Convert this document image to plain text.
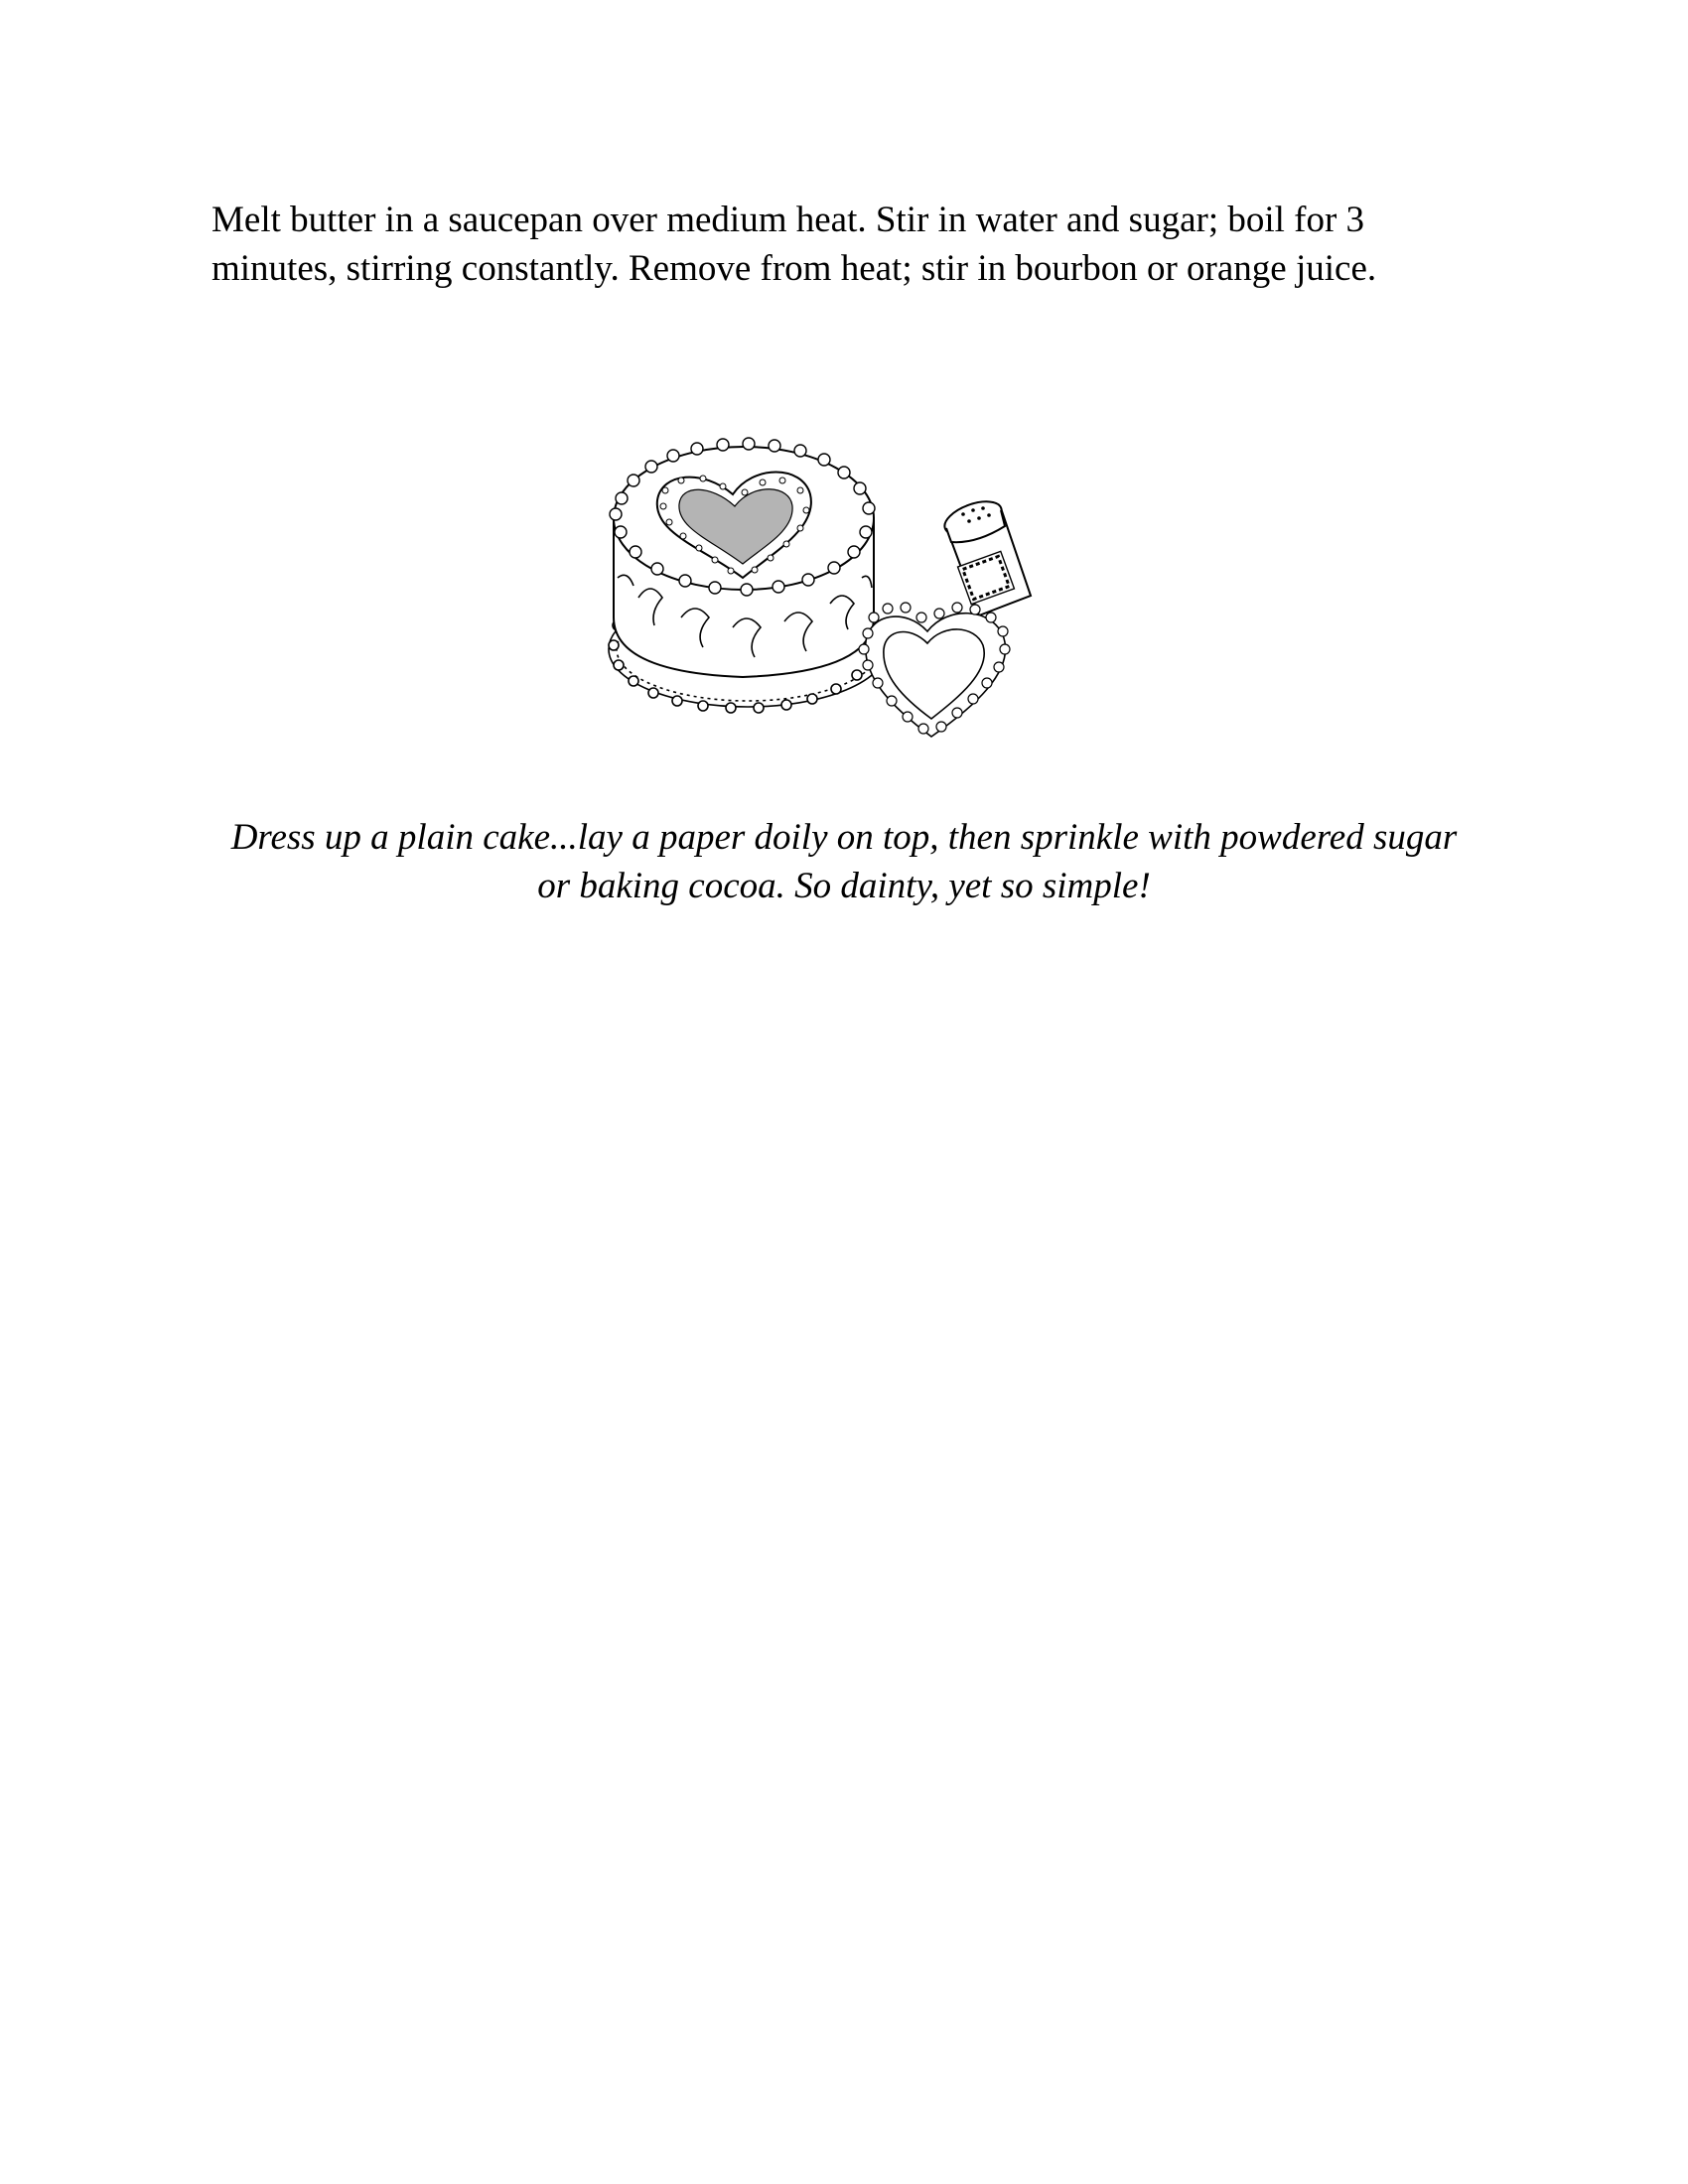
Melt butter in a saucepan over medium heat. Stir in water and sugar; boil for 3 minutes, stirring constantly. Remove from heat; stir in bourbon or orange juice.

Dress up a plain cake...lay a paper doily on top, then sprinkle with powdered sugar or baking cocoa. So dainty, yet so simple!
